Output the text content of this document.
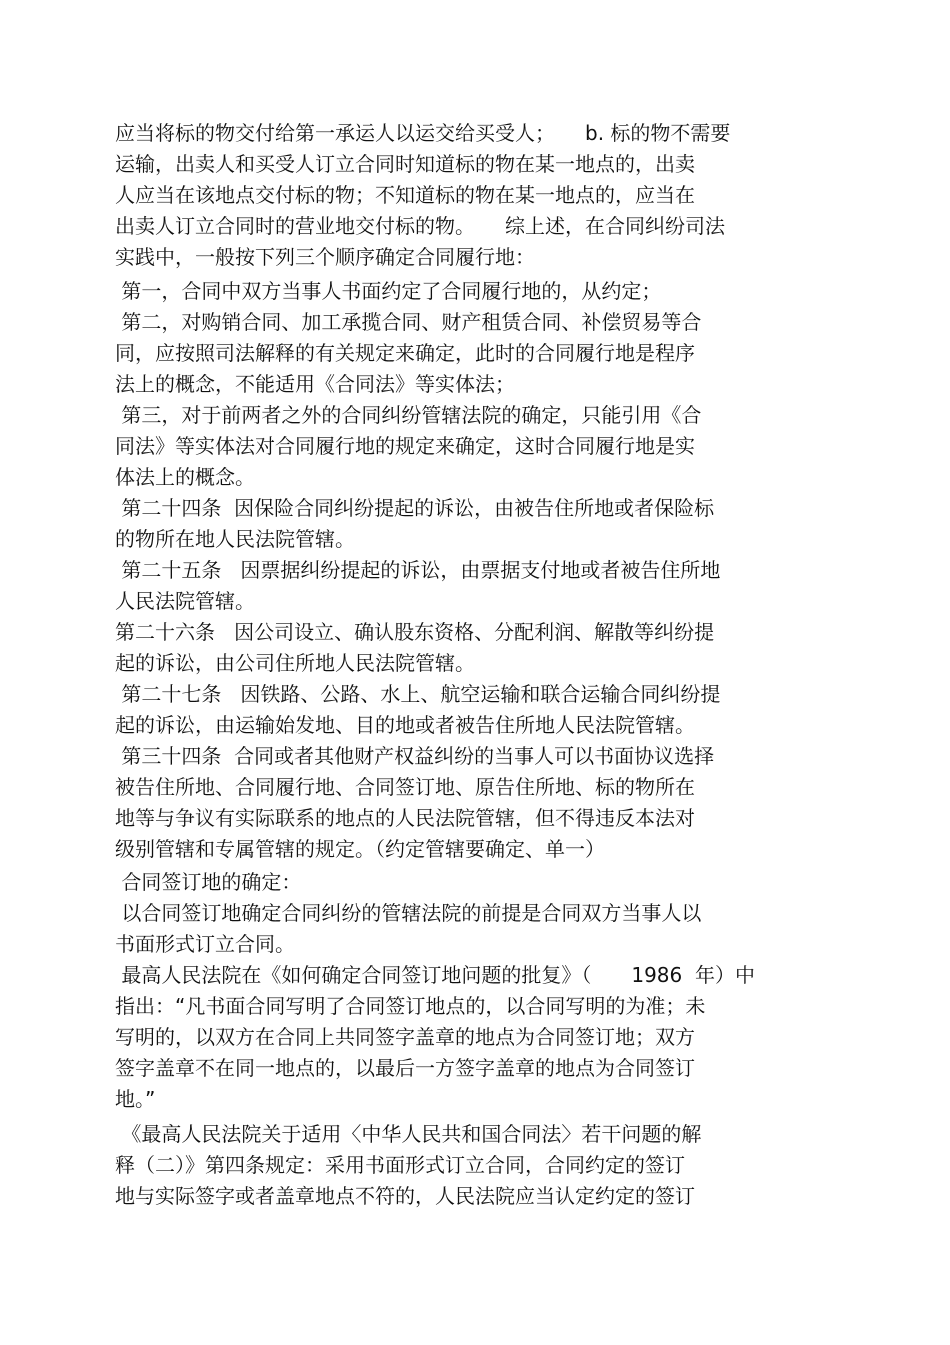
应当将标的物交付给第一承运人以运交给买受人；　　b. 标的物不需要
运输，出卖人和买受人订立合同时知道标的物在某一地点的，出卖
人应当在该地点交付标的物；不知道标的物在某一地点的，应当在
出卖人订立合同时的营业地交付标的物。　　综上述，在合同纠纷司法
实践中，一般按下列三个顺序确定合同履行地：
第一，合同中双方当事人书面约定了合同履行地的，从约定；
第二，对购销合同、加工承揽合同、财产租赁合同、补偿贸易等合
同，应按照司法解释的有关规定来确定，此时的合同履行地是程序
法上的概念，不能适用《合同法》等实体法；
第三，对于前两者之外的合同纠纷管辖法院的确定，只能引用《合
同法》等实体法对合同履行地的规定来确定，这时合同履行地是实
体法上的概念。
第二十四条  因保险合同纠纷提起的诉讼，由被告住所地或者保险标
的物所在地人民法院管辖。
第二十五条   因票据纠纷提起的诉讼，由票据支付地或者被告住所地
人民法院管辖。
第二十六条   因公司设立、确认股东资格、分配利润、解散等纠纷提
起的诉讼，由公司住所地人民法院管辖。
第二十七条   因铁路、公路、水上、航空运输和联合运输合同纠纷提
起的诉讼，由运输始发地、目的地或者被告住所地人民法院管辖。
第三十四条  合同或者其他财产权益纠纷的当事人可以书面协议选择
被告住所地、合同履行地、合同签订地、原告住所地、标的物所在
地等与争议有实际联系的地点的人民法院管辖，但不得违反本法对
级别管辖和专属管辖的规定。（约定管辖要确定、单一）
合同签订地的确定：
以合同签订地确定合同纠纷的管辖法院的前提是合同双方当事人以
书面形式订立合同。
最高人民法院在《如何确定合同签订地问题的批复》（　　1986  年）中
指出：“凡书面合同写明了合同签订地点的，以合同写明的为准；未
写明的，以双方在合同上共同签字盖章的地点为合同签订地；双方
签字盖章不在同一地点的，以最后一方签字盖章的地点为合同签订
地。”
《最高人民法院关于适用〈中华人民共和国合同法〉若干问题的解
释（二）》第四条规定：采用书面形式订立合同，合同约定的签订
地与实际签字或者盖章地点不符的，人民法院应当认定约定的签订
